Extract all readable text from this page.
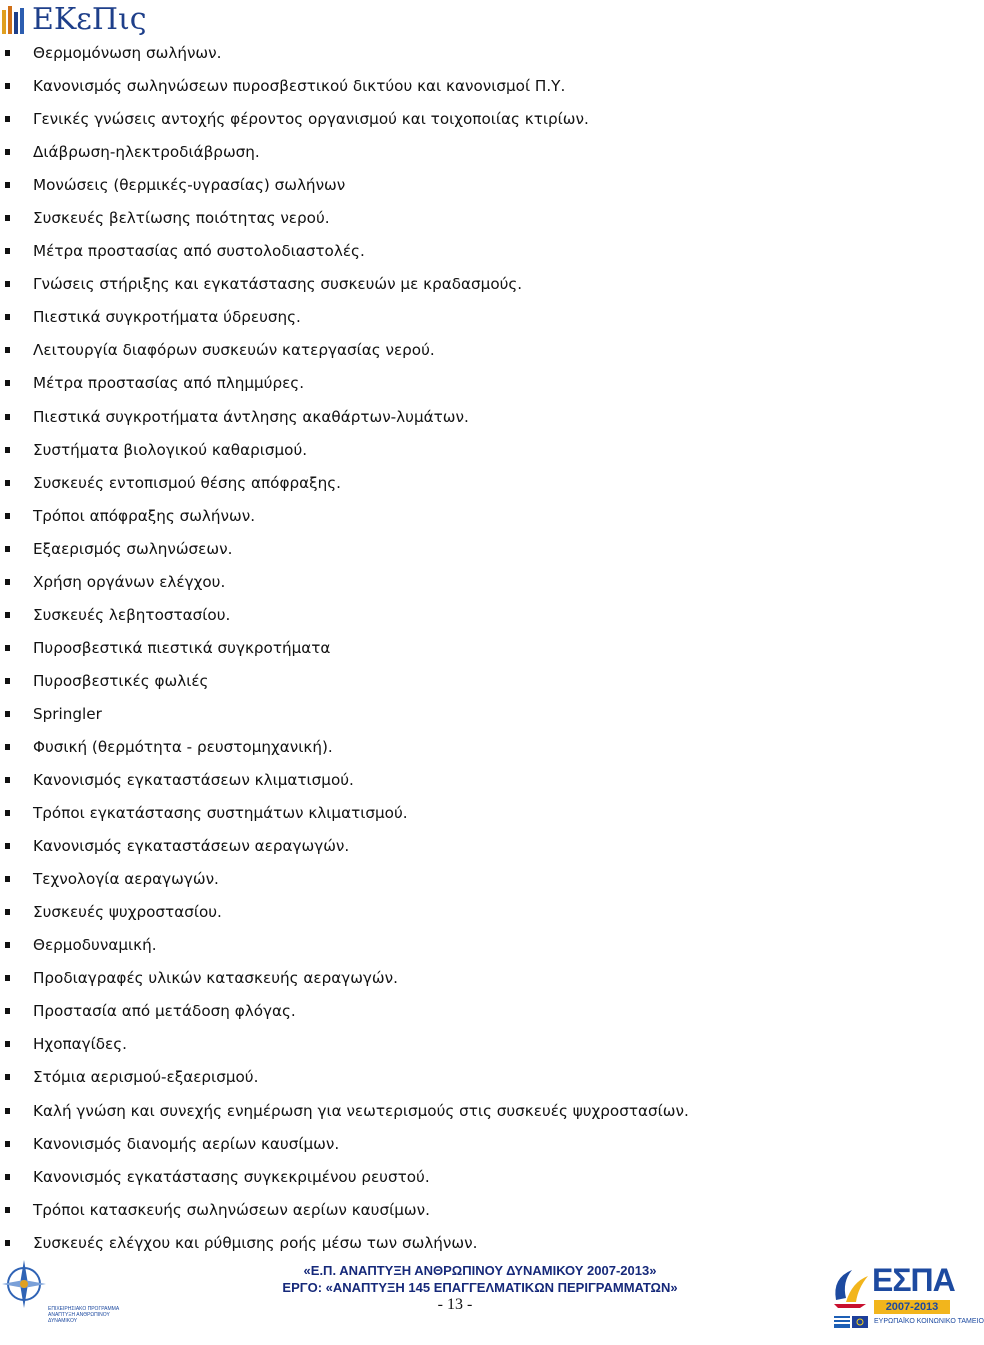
ΕΚεΠις
Θερμομόνωση σωλήνων.
Κανονισμός σωληνώσεων πυροσβεστικού δικτύου και κανονισμοί Π.Υ.
Γενικές γνώσεις αντοχής φέροντος οργανισμού και τοιχοποιίας κτιρίων.
Διάβρωση-ηλεκτροδιάβρωση.
Μονώσεις (θερμικές-υγρασίας) σωλήνων
Συσκευές βελτίωσης ποιότητας νερού.
Μέτρα προστασίας από συστολοδιαστολές.
Γνώσεις στήριξης και εγκατάστασης συσκευών με κραδασμούς.
Πιεστικά συγκροτήματα ύδρευσης.
Λειτουργία διαφόρων συσκευών κατεργασίας νερού.
Μέτρα προστασίας από πλημμύρες.
Πιεστικά συγκροτήματα άντλησης ακαθάρτων-λυμάτων.
Συστήματα βιολογικού καθαρισμού.
Συσκευές εντοπισμού θέσης απόφραξης.
Τρόποι απόφραξης σωλήνων.
Εξαερισμός σωληνώσεων.
Χρήση οργάνων ελέγχου.
Συσκευές λεβητοστασίου.
Πυροσβεστικά πιεστικά συγκροτήματα
Πυροσβεστικές φωλιές
Springler
Φυσική (θερμότητα - ρευστομηχανική).
Κανονισμός εγκαταστάσεων κλιματισμού.
Τρόποι εγκατάστασης συστημάτων κλιματισμού.
Κανονισμός εγκαταστάσεων αεραγωγών.
Τεχνολογία αεραγωγών.
Συσκευές ψυχροστασίου.
Θερμοδυναμική.
Προδιαγραφές υλικών κατασκευής αεραγωγών.
Προστασία από μετάδοση φλόγας.
Ηχοπαγίδες.
Στόμια αερισμού-εξαερισμού.
Καλή γνώση και συνεχής ενημέρωση για νεωτερισμούς στις συσκευές ψυχροστασίων.
Κανονισμός διανομής αερίων καυσίμων.
Κανονισμός εγκατάστασης συγκεκριμένου ρευστού.
Τρόποι κατασκευής σωληνώσεων αερίων καυσίμων.
Συσκευές ελέγχου και ρύθμισης ροής μέσω των σωλήνων.
ΕΠΙΧΕΙΡΗΣΙΑΚΟ ΠΡΟΓΡΑΜΜΑ ΑΝΑΠΤΥΞΗ ΑΝΘΡΩΠΙΝΟΥ ΔΥΝΑΜΙΚΟΥ
«Ε.Π. ΑΝΑΠΤΥΞΗ ΑΝΘΡΩΠΙΝΟΥ ΔΥΝΑΜΙΚΟΥ 2007-2013»
ΕΡΓΟ: «ΑΝΑΠΤΥΞΗ 145 ΕΠΑΓΓΕΛΜΑΤΙΚΩΝ ΠΕΡΙΓΡΑΜΜΑΤΩΝ»
- 13 -
ΕΣΠΑ
2007-2013
ΕΥΡΩΠΑΪΚΟ ΚΟΙΝΩΝΙΚΟ ΤΑΜΕΙΟ
